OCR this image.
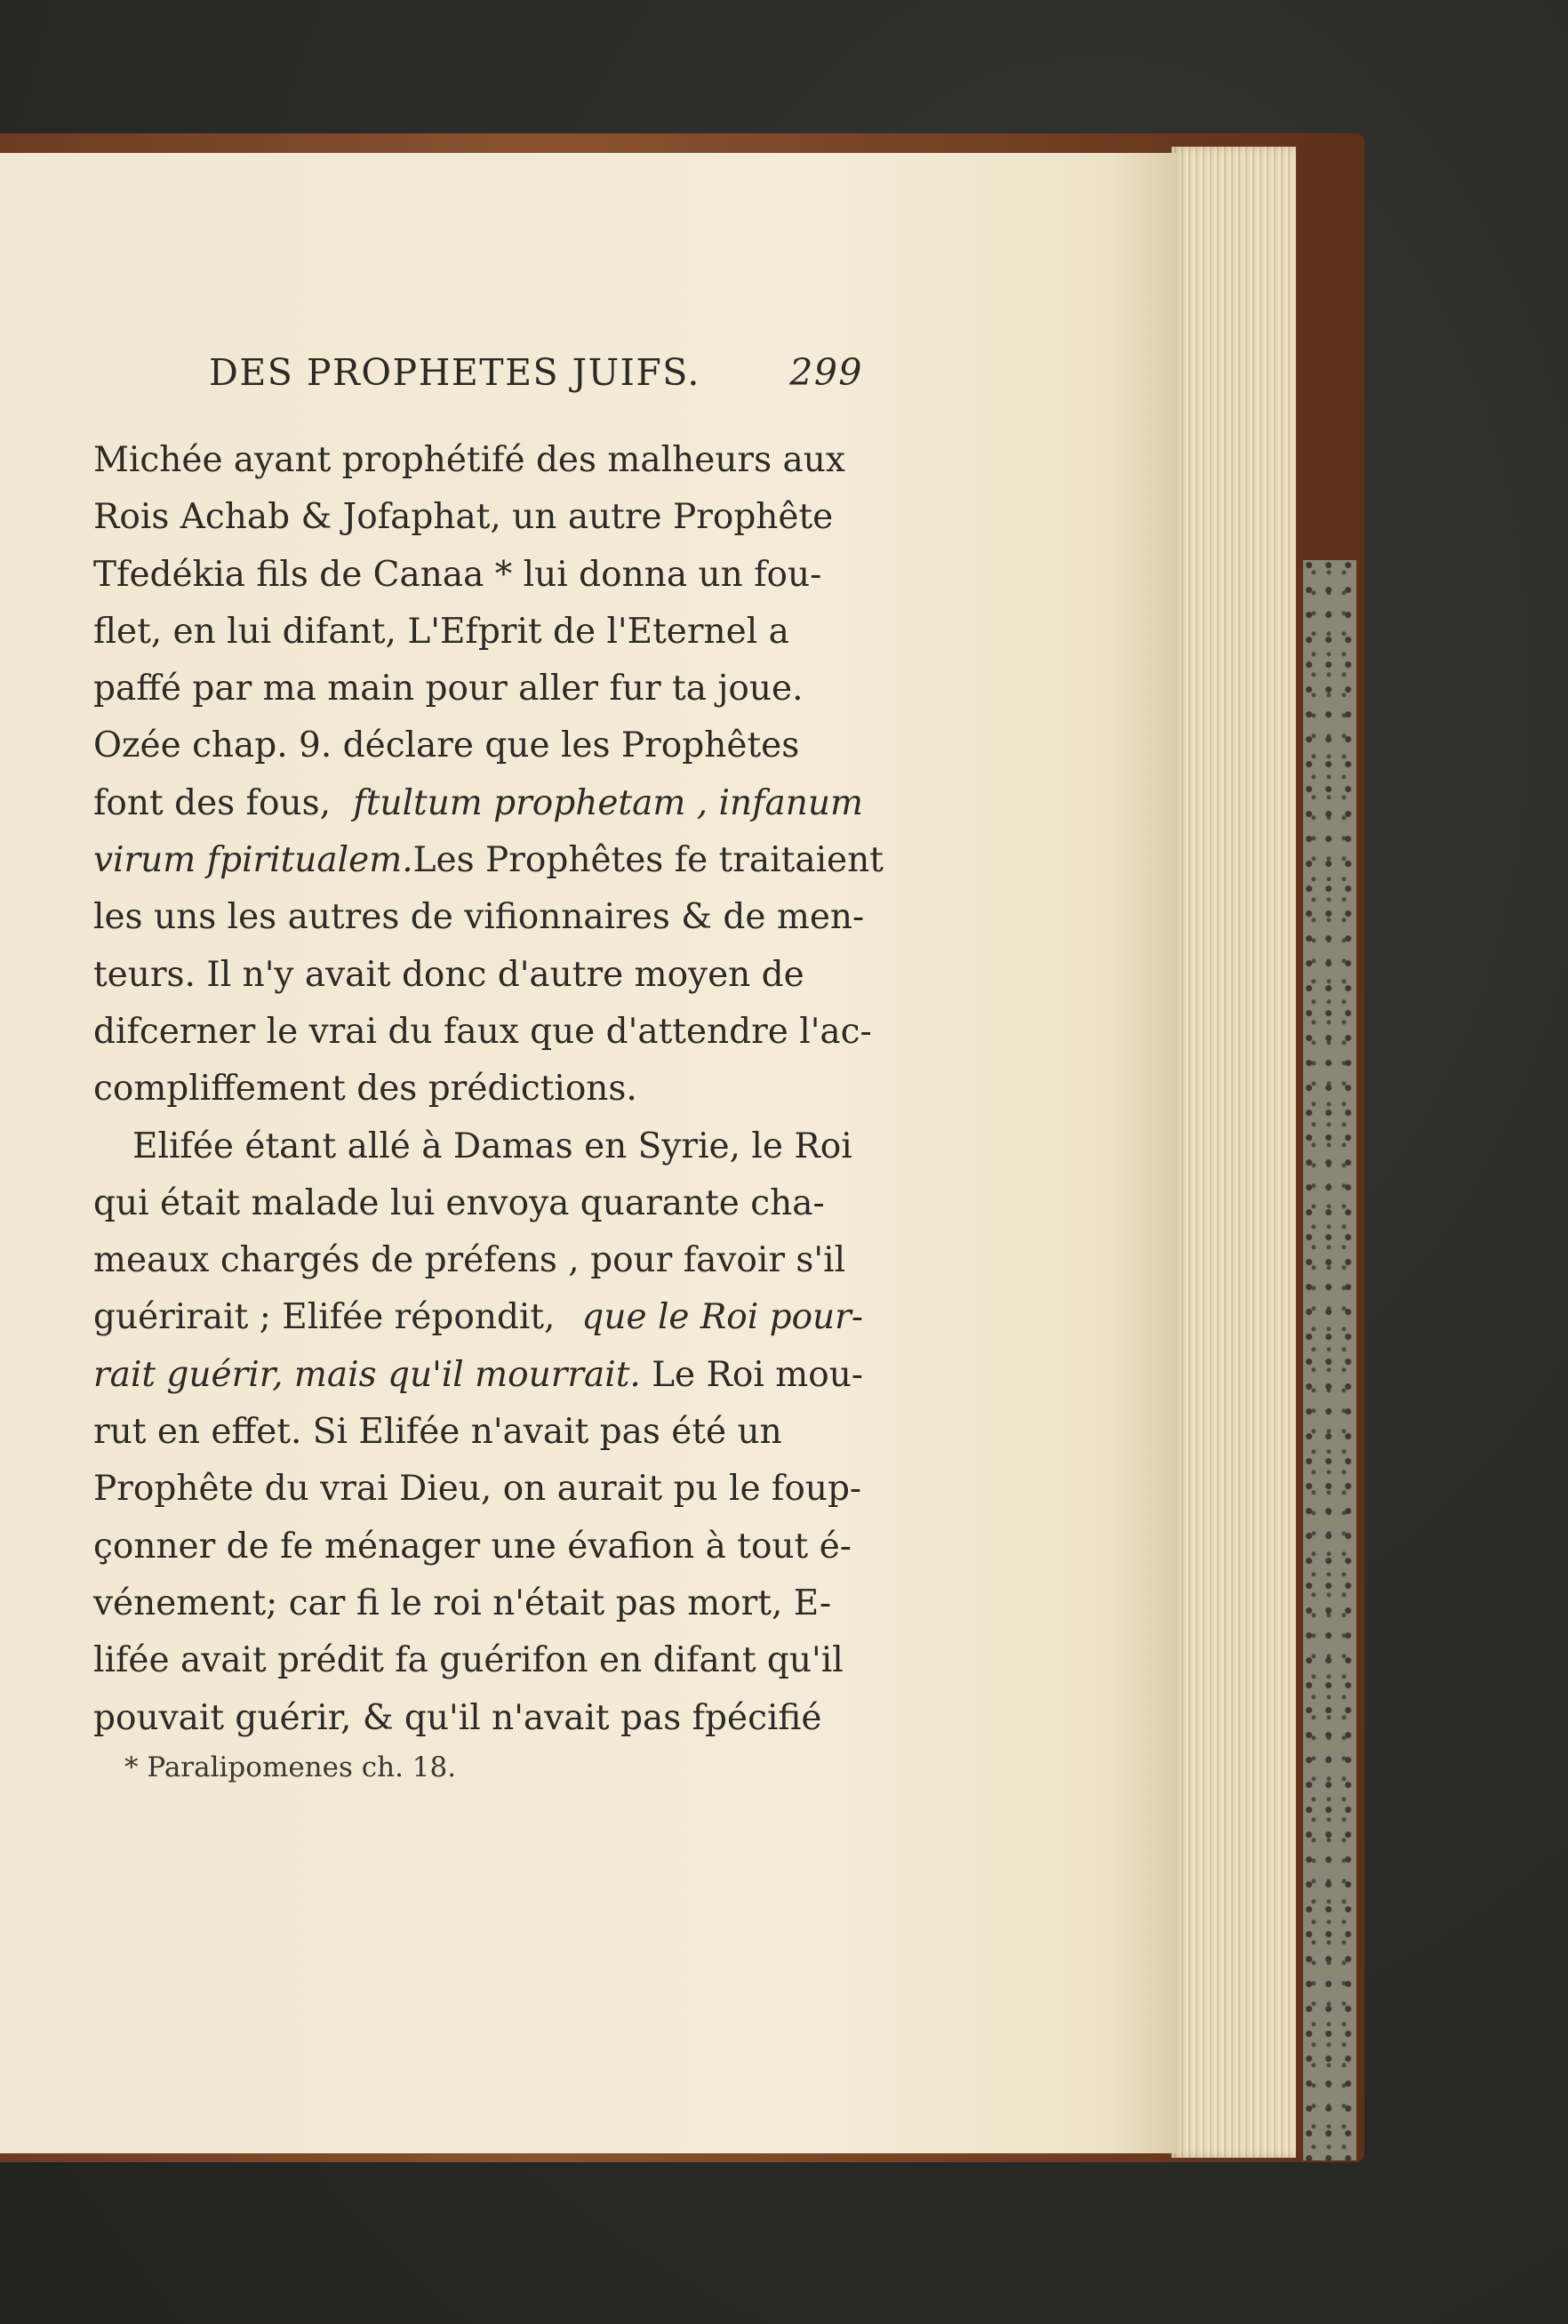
DES PROPHETES JUIFS. 299
Michée ayant prophétifé des malheurs aux
Rois Achab & Jofaphat, un autre Prophête
Tfedékia fils de Canaa * lui donna un fou-
flet, en lui difant, L'Efprit de l'Eternel a
paffé par ma main pour aller fur ta joue.
Ozée chap. 9. déclare que les Prophêtes
font des fous, ftultum prophetam , infanum
virum fpiritualem. Les Prophêtes fe traitaient
les uns les autres de vifionnaires & de men-
teurs. Il n'y avait donc d'autre moyen de
difcerner le vrai du faux que d'attendre l'ac-
compliffement des prédictions.
Elifée étant allé à Damas en Syrie, le Roi
qui était malade lui envoya quarante cha-
meaux chargés de préfens , pour favoir s'il
guérirait ; Elifée répondit, que le Roi pour-
rait guérir, mais qu'il mourrait. Le Roi mou-
rut en effet. Si Elifée n'avait pas été un
Prophête du vrai Dieu, on aurait pu le foup-
çonner de fe ménager une évafion à tout é-
vénement; car fi le roi n'était pas mort, E-
lifée avait prédit fa guérifon en difant qu'il
pouvait guérir, & qu'il n'avait pas fpécifié
* Paralipomenes ch. 18.
